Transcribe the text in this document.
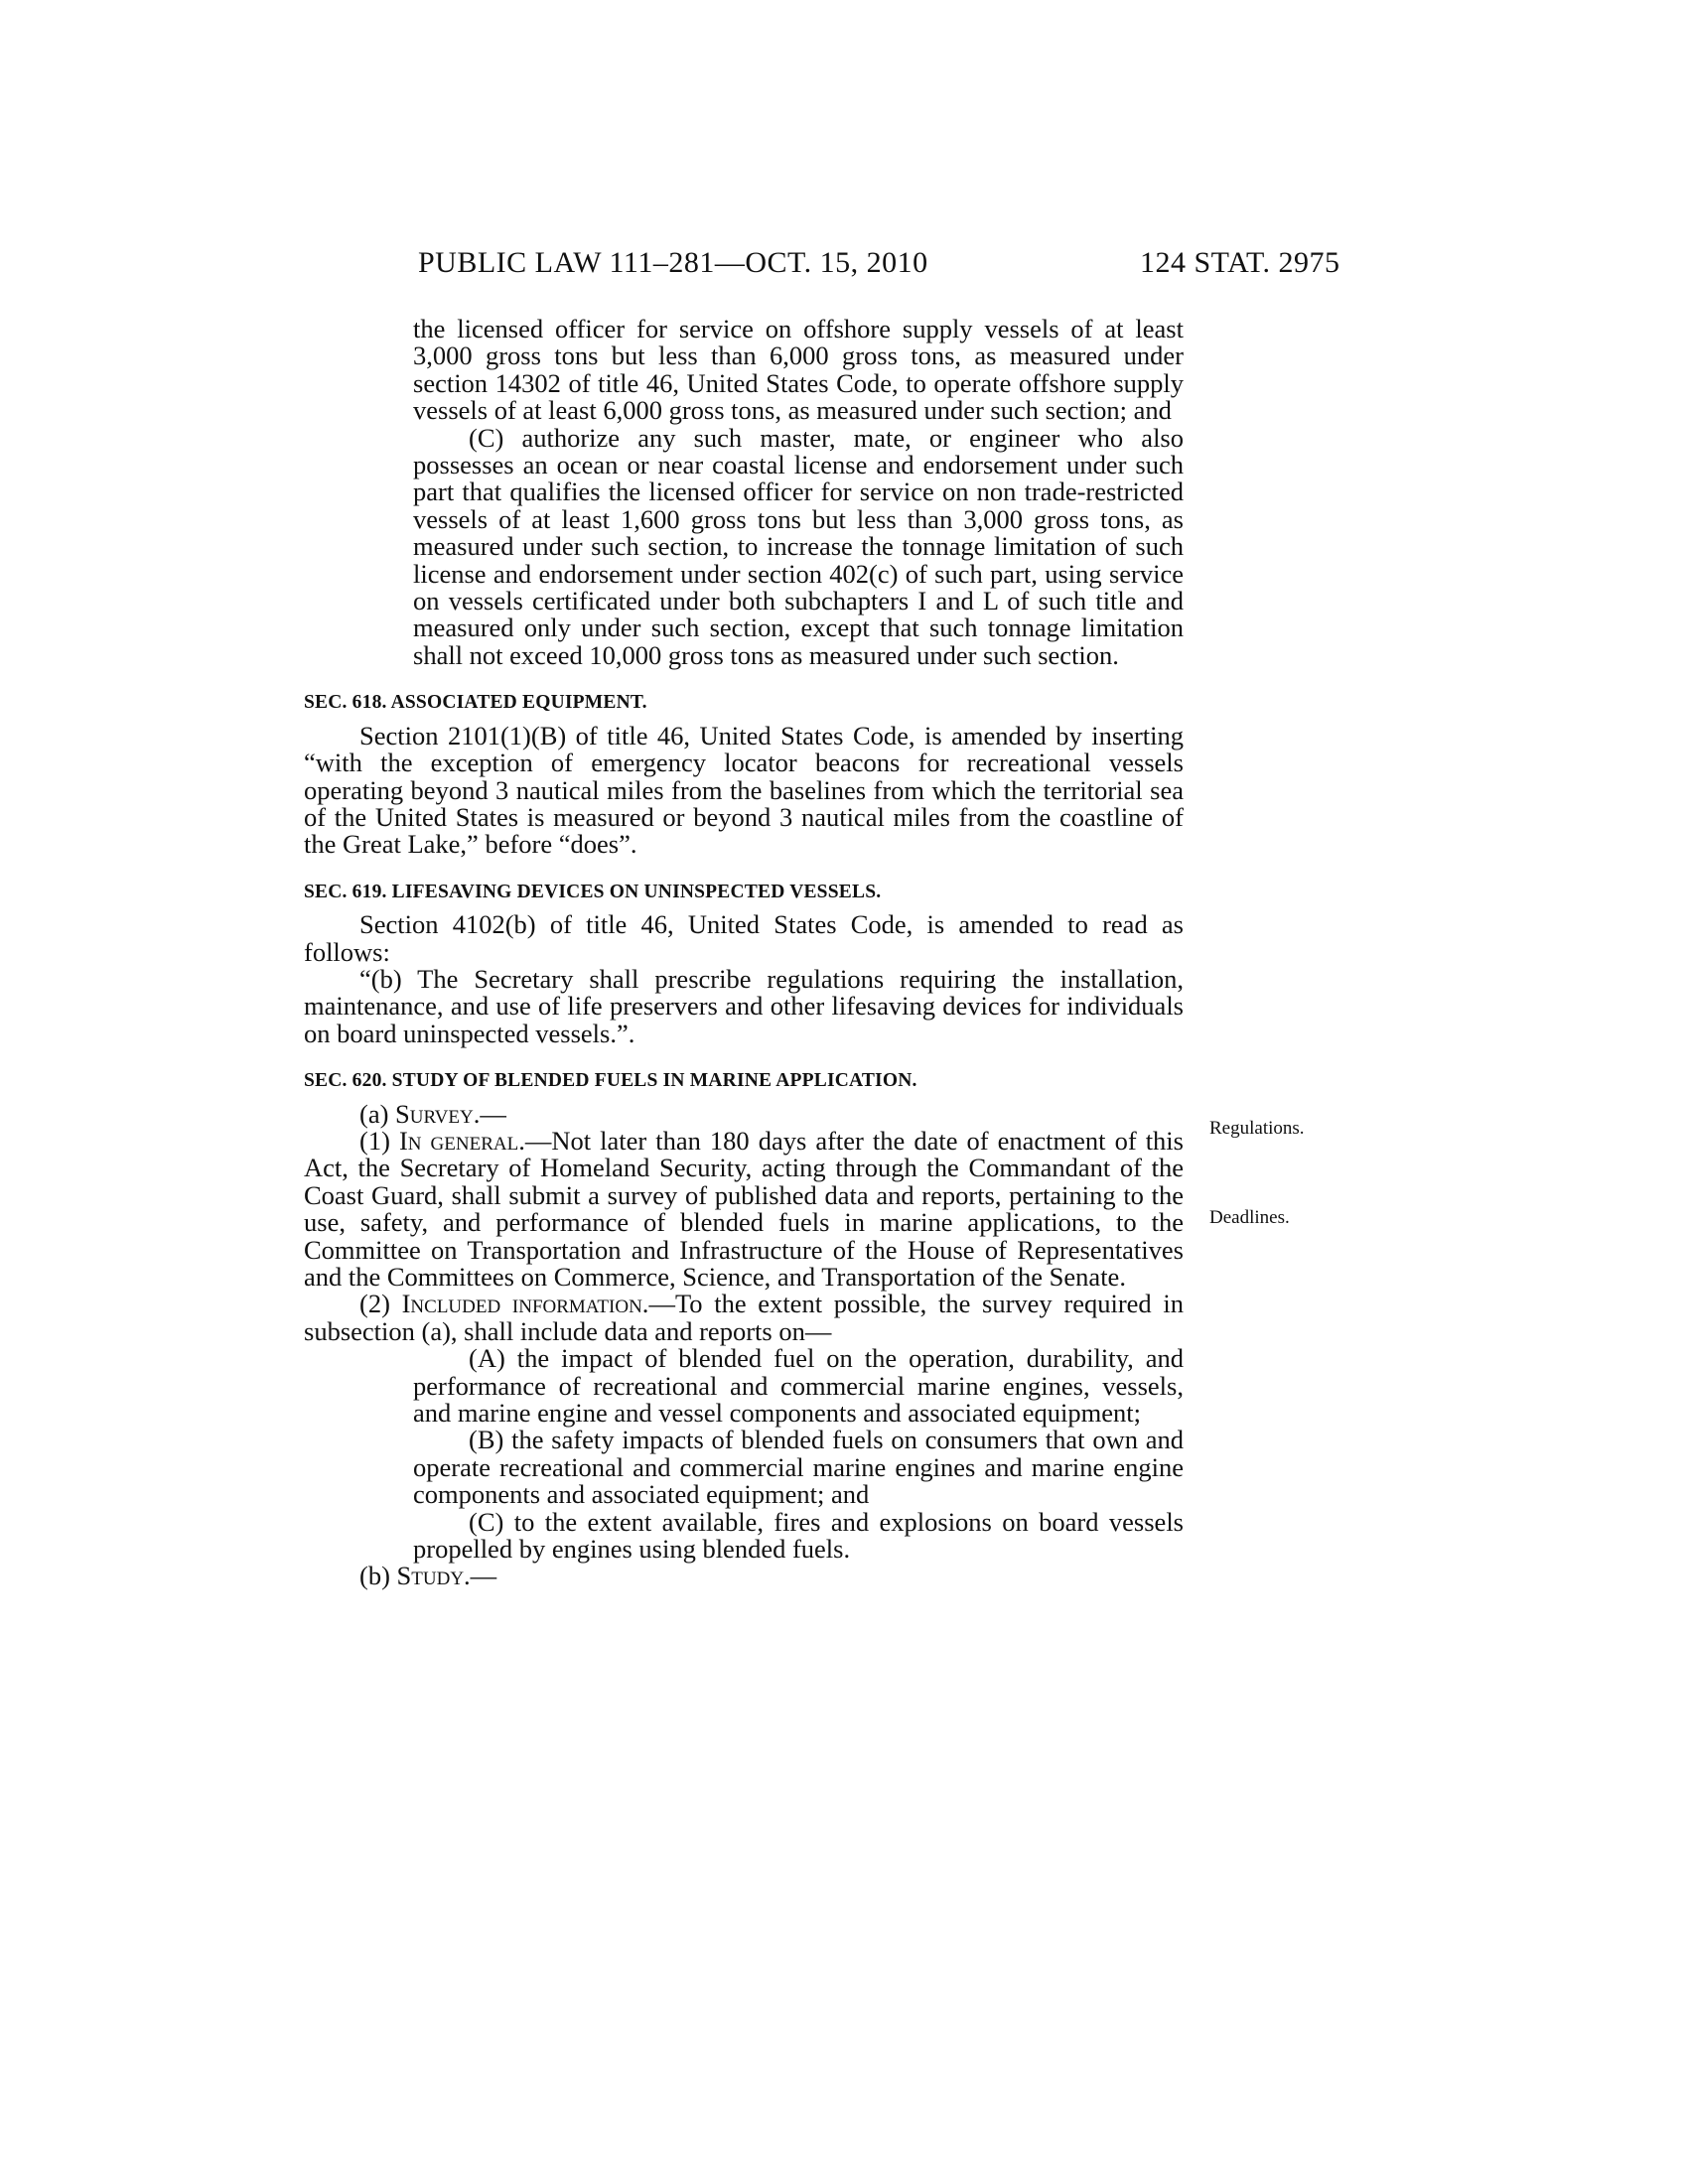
PUBLIC LAW 111–281—OCT. 15, 2010	124 STAT. 2975

the licensed officer for service on offshore supply vessels of at least 3,000 gross tons but less than 6,000 gross tons, as measured under section 14302 of title 46, United States Code, to operate offshore supply vessels of at least 6,000 gross tons, as measured under such section; and

(C) authorize any such master, mate, or engineer who also possesses an ocean or near coastal license and endorsement under such part that qualifies the licensed officer for service on non trade-restricted vessels of at least 1,600 gross tons but less than 3,000 gross tons, as measured under such section, to increase the tonnage limitation of such license and endorsement under section 402(c) of such part, using service on vessels certificated under both subchapters I and L of such title and measured only under such section, except that such tonnage limitation shall not exceed 10,000 gross tons as measured under such section.

SEC. 618. ASSOCIATED EQUIPMENT.

Section 2101(1)(B) of title 46, United States Code, is amended by inserting “with the exception of emergency locator beacons for recreational vessels operating beyond 3 nautical miles from the baselines from which the territorial sea of the United States is measured or beyond 3 nautical miles from the coastline of the Great Lake,” before “does”.

SEC. 619. LIFESAVING DEVICES ON UNINSPECTED VESSELS.

Section 4102(b) of title 46, United States Code, is amended to read as follows:

“(b) The Secretary shall prescribe regulations requiring the installation, maintenance, and use of life preservers and other lifesaving devices for individuals on board uninspected vessels.”.

SEC. 620. STUDY OF BLENDED FUELS IN MARINE APPLICATION.

(a) Survey.—

(1) In general.—Not later than 180 days after the date of enactment of this Act, the Secretary of Homeland Security, acting through the Commandant of the Coast Guard, shall submit a survey of published data and reports, pertaining to the use, safety, and performance of blended fuels in marine applications, to the Committee on Transportation and Infrastructure of the House of Representatives and the Committees on Commerce, Science, and Transportation of the Senate.

(2) Included information.—To the extent possible, the survey required in subsection (a), shall include data and reports on—

(A) the impact of blended fuel on the operation, durability, and performance of recreational and commercial marine engines, vessels, and marine engine and vessel components and associated equipment;

(B) the safety impacts of blended fuels on consumers that own and operate recreational and commercial marine engines and marine engine components and associated equipment; and

(C) to the extent available, fires and explosions on board vessels propelled by engines using blended fuels.

(b) Study.—

Regulations.
Deadlines.
